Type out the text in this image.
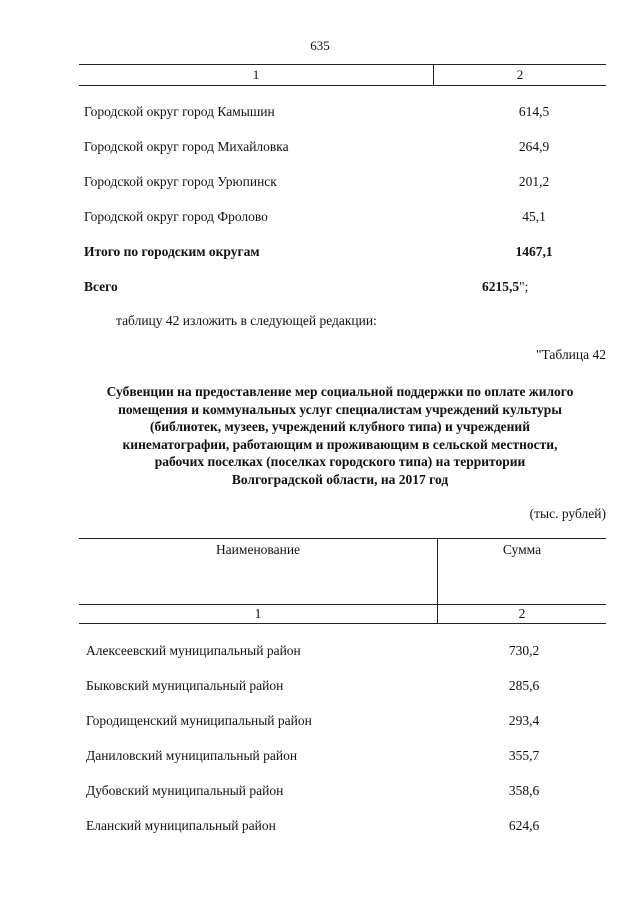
635
1	2
Городской округ город Камышин	614,5
Городской округ город Михайловка	264,9
Городской округ город Урюпинск	201,2
Городской округ город Фролово	45,1
Итого по городским округам	1467,1
Всего	6215,5";
таблицу 42 изложить в следующей редакции:
"Таблица 42
Субвенции на предоставление мер социальной поддержки по оплате жилого
помещения и коммунальных услуг специалистам учреждений культуры
(библиотек, музеев, учреждений клубного типа) и учреждений
кинематографии, работающим и проживающим в сельской местности,
рабочих поселках (поселках городского типа) на территории
Волгоградской области, на 2017 год
(тыс. рублей)
Наименование	Сумма
1	2
Алексеевский муниципальный район	730,2
Быковский муниципальный район	285,6
Городищенский муниципальный район	293,4
Даниловский муниципальный район	355,7
Дубовский муниципальный район	358,6
Еланский муниципальный район	624,6
